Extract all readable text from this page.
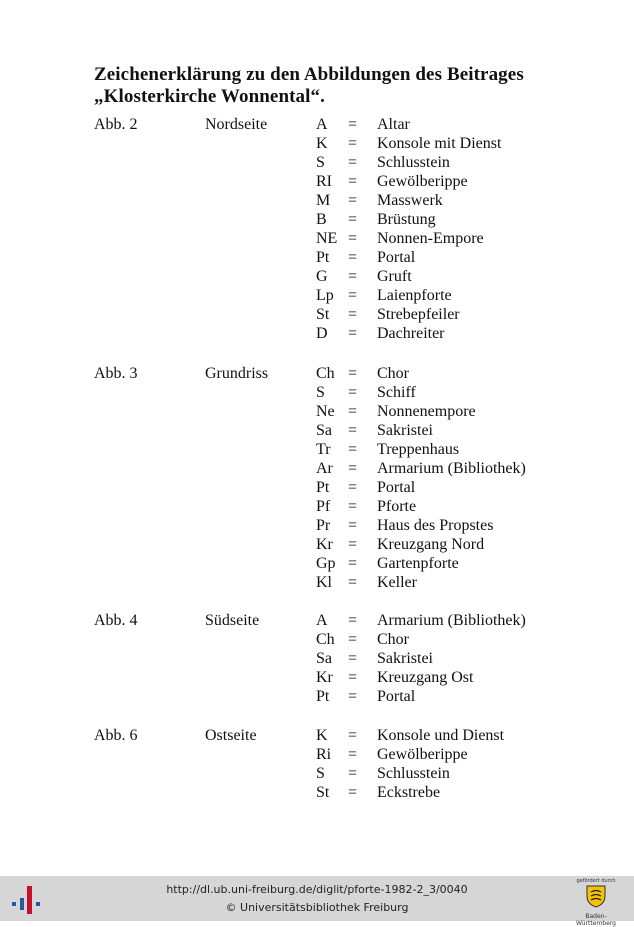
Zeichenerklärung zu den Abbildungen des Beitrages
„Klosterkirche Wonnental“.
Abb. 2	Nordseite	A = Altar
K = Konsole mit Dienst
S = Schlusstein
RI = Gewölberippe
M = Masswerk
B = Brüstung
NE = Nonnen-Empore
Pt = Portal
G = Gruft
Lp = Laienpforte
St = Strebepfeiler
D = Dachreiter
Abb. 3	Grundriss	Ch = Chor
S = Schiff
Ne = Nonnenempore
Sa = Sakristei
Tr = Treppenhaus
Ar = Armarium (Bibliothek)
Pt = Portal
Pf = Pforte
Pr = Haus des Propstes
Kr = Kreuzgang Nord
Gp = Gartenpforte
Kl = Keller
Abb. 4	Südseite	A = Armarium (Bibliothek)
Ch = Chor
Sa = Sakristei
Kr = Kreuzgang Ost
Pt = Portal
Abb. 6	Ostseite	K = Konsole und Dienst
Ri = Gewölberippe
S = Schlusstein
St = Eckstrebe
http://dl.ub.uni-freiburg.de/diglit/pforte-1982-2_3/0040
© Universitätsbibliothek Freiburg
gefördert durch
Baden-Württemberg
